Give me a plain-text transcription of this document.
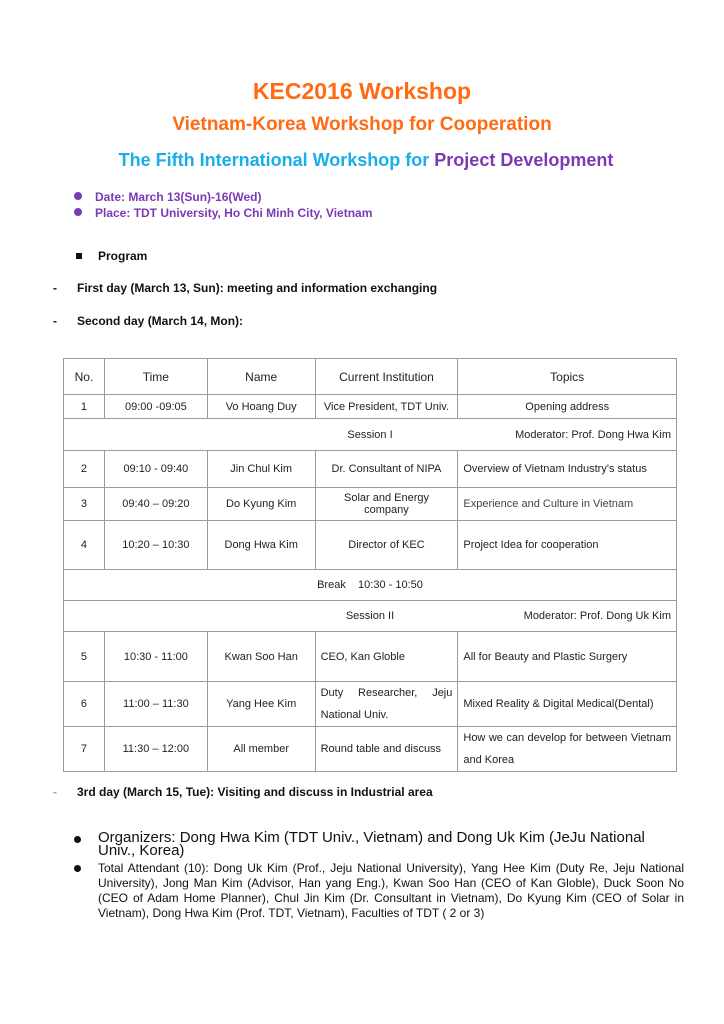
KEC2016 Workshop
Vietnam-Korea Workshop for Cooperation
The Fifth International Workshop for Project Development
Date: March 13(Sun)-16(Wed)
Place: TDT University, Ho Chi Minh City, Vietnam
Program
- First day (March 13, Sun): meeting and information exchanging
- Second day (March 14, Mon):
No.	Time	Name	Current Institution	Topics
1	09:00 -09:05	Vo Hoang Duy	Vice President, TDT Univ.	Opening address
Session I Moderator: Prof. Dong Hwa Kim				

2	09:10 - 09:40	Jin Chul Kim	Dr. Consultant of NIPA	Overview of Vietnam Industry's status
3	09:40 – 09:20	Do Kyung Kim	Solar and Energy company	Experience and Culture in Vietnam
4	10:20 – 10:30	Dong Hwa Kim	Director of KEC	Project Idea for cooperation
Break    10:30 - 10:50				
Session II Moderator: Prof. Dong Uk Kim				

5	10:30 - 11:00	Kwan Soo Han	CEO, Kan Globle	All for Beauty and Plastic Surgery
6	11:00 – 11:30	Yang Hee Kim	Duty Researcher, Jeju National Univ.	Mixed Reality & Digital Medical(Dental)
7	11:30 – 12:00	All member	Round table and discuss	How we can develop for between Vietnam and Korea
- 3rd day (March 15, Tue): Visiting and discuss in Industrial area
Organizers: Dong Hwa Kim (TDT Univ., Vietnam) and Dong Uk Kim (JeJu National Univ., Korea)
Total Attendant (10): Dong Uk Kim (Prof., Jeju National University), Yang Hee Kim (Duty Re, Jeju National University), Jong Man Kim (Advisor, Han yang Eng.), Kwan Soo Han (CEO of Kan Globle), Duck Soon No (CEO of Adam Home Planner), Chul Jin Kim (Dr. Consultant in Vietnam), Do Kyung Kim (CEO of Solar in Vietnam), Dong Hwa Kim (Prof. TDT, Vietnam), Faculties of TDT ( 2 or 3)
